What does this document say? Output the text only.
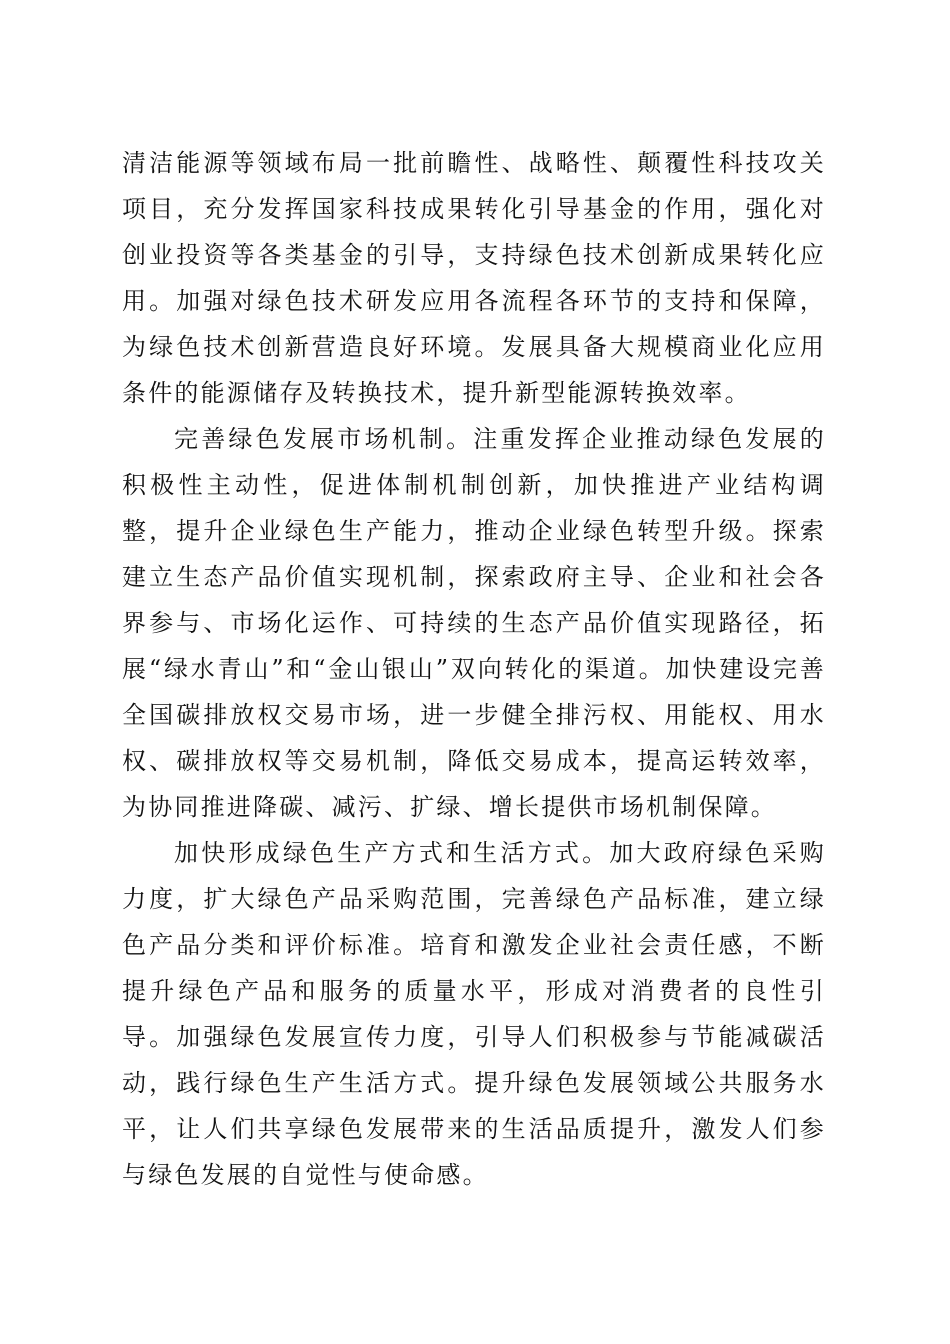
清洁能源等领域布局一批前瞻性、战略性、颠覆性科技攻关项目，充分发挥国家科技成果转化引导基金的作用，强化对创业投资等各类基金的引导，支持绿色技术创新成果转化应用。加强对绿色技术研发应用各流程各环节的支持和保障，为绿色技术创新营造良好环境。发展具备大规模商业化应用条件的能源储存及转换技术，提升新型能源转换效率。

完善绿色发展市场机制。注重发挥企业推动绿色发展的积极性主动性，促进体制机制创新，加快推进产业结构调整，提升企业绿色生产能力，推动企业绿色转型升级。探索建立生态产品价值实现机制，探索政府主导、企业和社会各界参与、市场化运作、可持续的生态产品价值实现路径，拓展“绿水青山”和“金山银山”双向转化的渠道。加快建设完善全国碳排放权交易市场，进一步健全排污权、用能权、用水权、碳排放权等交易机制，降低交易成本，提高运转效率，为协同推进降碳、减污、扩绿、增长提供市场机制保障。

加快形成绿色生产方式和生活方式。加大政府绿色采购力度，扩大绿色产品采购范围，完善绿色产品标准，建立绿色产品分类和评价标准。培育和激发企业社会责任感，不断提升绿色产品和服务的质量水平，形成对消费者的良性引导。加强绿色发展宣传力度，引导人们积极参与节能减碳活动，践行绿色生产生活方式。提升绿色发展领域公共服务水平，让人们共享绿色发展带来的生活品质提升，激发人们参与绿色发展的自觉性与使命感。
